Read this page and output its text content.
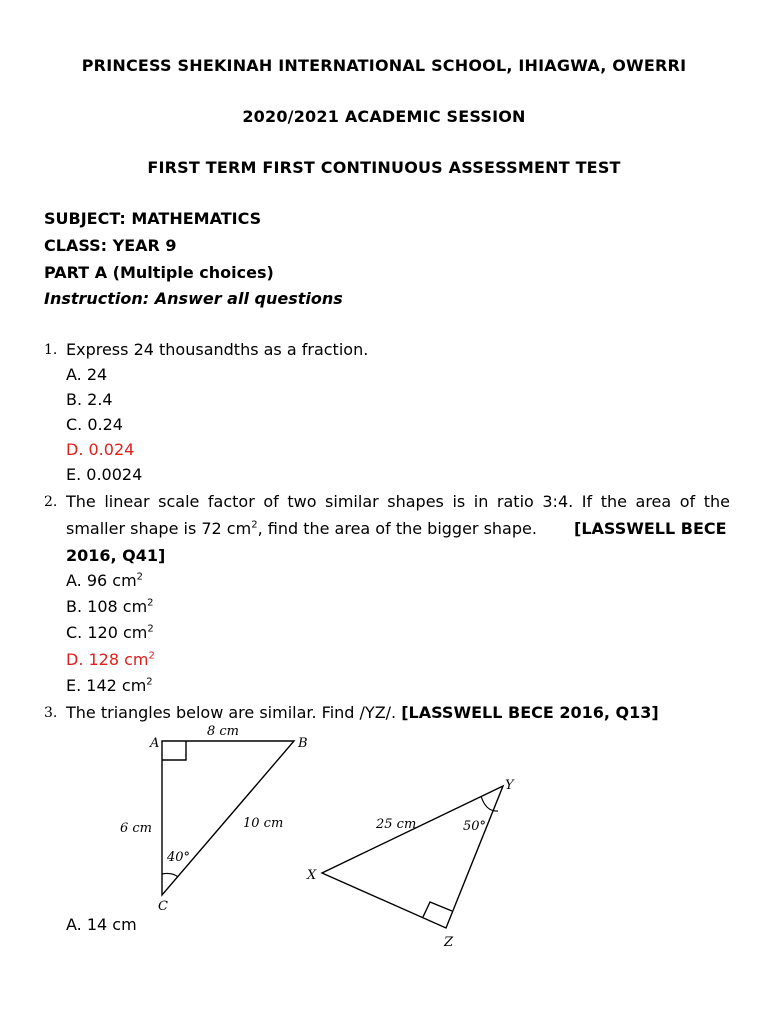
PRINCESS SHEKINAH INTERNATIONAL SCHOOL, IHIAGWA, OWERRI
2020/2021 ACADEMIC SESSION
FIRST TERM FIRST CONTINUOUS ASSESSMENT TEST
SUBJECT: MATHEMATICS
CLASS: YEAR 9
PART A (Multiple choices)
Instruction: Answer all questions
1. Express 24 thousandths as a fraction.
A. 24
B. 2.4
C. 0.24
D. 0.024
E. 0.0024
2. The linear scale factor of two similar shapes is in ratio 3:4. If the area of the
smaller shape is 72 $cm^2$, find the area of the bigger shape. [LASSWELL BECE
2016, Q41]
A. 96 $cm^2$
B. 108 $cm^2$
C. 120 $cm^2$
D. 128 $cm^2$
E. 142 $cm^2$
3. The triangles below are similar. Find /YZ/. [LASSWELL BECE 2016, Q13]
A. 14 cm
A	B
C
8 cm
6 cm	10 cm
40°
Y
X
Z
25 cm	50°
